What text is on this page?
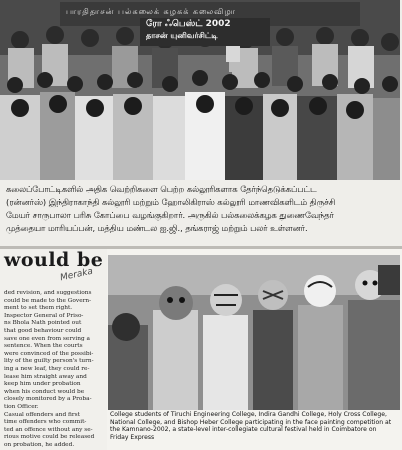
பாரதிதாசன் பல்கலைக் கழகக் கலைவிழா
ரோ ஃபெஸ்ட் 2002
தாசன் யுனிவர்சிட்டி
கலைப்போட்டிகளில் அதிக வெற்றிகளை பெற்ற கல்லூரிகளாக தேர்ந்தெடுக்கப்பட்ட
(ரன்னர்ஸ்) இந்திராகாந்தி கல்லூரி மற்றும் ஹோலிகிராஸ் கல்லூரி மாணவிகளிடம் திருச்சி
மேயர் சாருபாலா பரிசு கோப்பை வழங்குகிறார். அருகில் பல்கலைக்கழக துணைவேந்தர்
முத்தையா மாரியப்பன், மத்திய மண்டல ஐ.ஜி., தங்கராஜ் மற்றும் பலர் உள்ளனர்.
would be
Meraka
ded revision, and suggestions
could be made to the Govern-
ment to set them right.
Inspector General of Priso-
ns Bhola Nath pointed out
that good behaviour could
save one even from serving a
sentence. When the courts
were convinced of the possibi-
lity of the guilty person's turn-
ing a new leaf, they could re-
lease him straight away and
keep him under probation
when his conduct would be
closely monitored by a Proba-
tion Officer.
Casual offenders and first
time offenders who commit-
ted an offence without any se-
rious motive could be released
on probation, he added.
College students of Tiruchi Engineering College, Indira Gandhi College, Holy Cross College,
National College, and Bishop Heber College participating in the face painting competition at
the Kamnano-2002, a state-level inter-collegiate cultural festival held in Coimbatore on
Friday Express
